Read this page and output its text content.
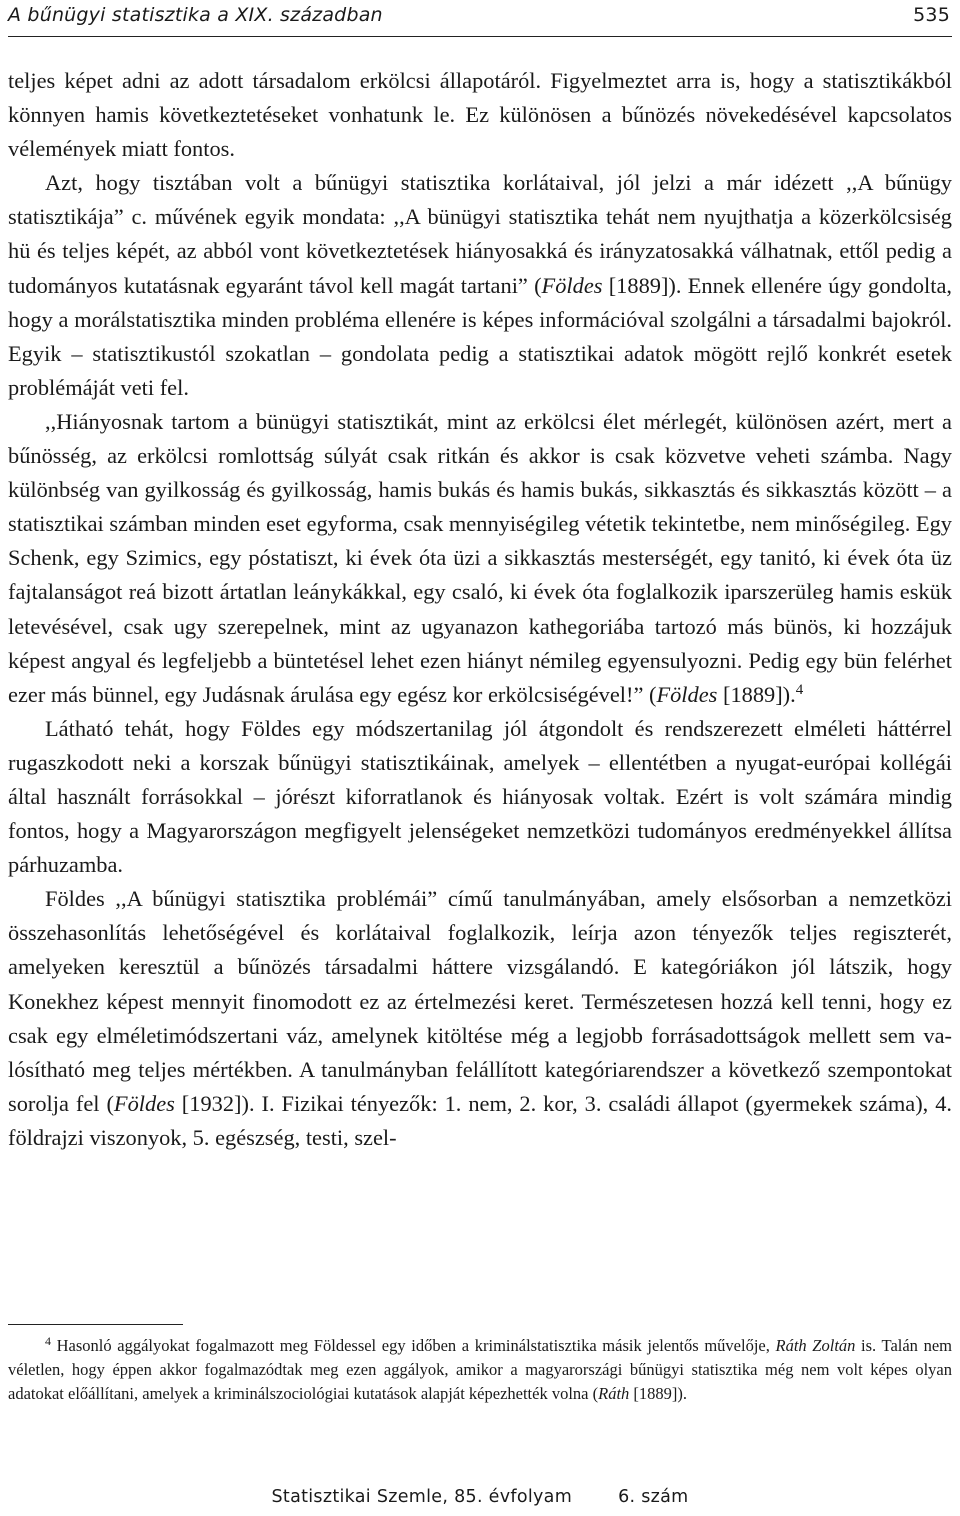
A bűnügyi statisztika a XIX. században	535

teljes képet adni az adott társadalom erkölcsi állapotáról. Figyelmeztet arra is, hogy a statisztikákból könnyen hamis következtetéseket vonhatunk le. Ez különösen a bűnözés növekedésével kapcsolatos vélemények miatt fontos.

Azt, hogy tisztában volt a bűnügyi statisztika korlátaival, jól jelzi a már idézett ,,A bűnügy statisztikája” c. művének egyik mondata: ,,A bünügyi statisztika tehát nem nyujthatja a közerkölcsiség hü és teljes képét, az abból vont következtetések hiányosakká és irányzatosakká válhatnak, ettől pedig a tudományos kutatásnak egyaránt távol kell magát tartani” (Földes [1889]). Ennek ellenére úgy gondolta, hogy a morálstatisztika minden probléma ellenére is képes információval szolgálni a társadalmi bajokról. Egyik – statisztikustól szokatlan – gondolata pedig a statisztikai adatok mögött rejlő konkrét esetek problémáját veti fel.

,,Hiányosnak tartom a bünügyi statisztikát, mint az erkölcsi élet mérlegét, különösen azért, mert a bűnösség, az erkölcsi romlottság súlyát csak ritkán és akkor is csak közvetve veheti számba. Nagy különbség van gyilkosság és gyilkosság, hamis bukás és hamis bukás, sikkasztás és sikkasztás között – a statisztikai számban minden eset egyforma, csak mennyiségileg vétetik tekintetbe, nem minőségileg. Egy Schenk, egy Szimics, egy póstatiszt, ki évek óta üzi a sikkasztás mesterségét, egy tanitó, ki évek óta üz fajtalanságot reá bizott ártatlan leánykákkal, egy csaló, ki évek óta foglalkozik iparszerüleg hamis eskük letevésével, csak ugy szerepelnek, mint az ugyanazon kathegoriába tartozó más bünös, ki hozzájuk képest angyal és legfeljebb a büntetésel lehet ezen hiányt némileg egyensulyozni. Pedig egy bün felérhet ezer más bünnel, egy Judásnak árulása egy egész kor erkölcsiségével!” (Földes [1889]).$^4$

Látható tehát, hogy Földes egy módszertanilag jól átgondolt és rendszerezett elméleti háttérrel rugaszkodott neki a korszak bűnügyi statisztikáinak, amelyek – ellentétben a nyugat-európai kollégái által használt forrásokkal – jórészt kiforratlanok és hiányosak voltak. Ezért is volt számára mindig fontos, hogy a Magyarországon megfigyelt jelenségeket nemzetközi tudományos eredményekkel állítsa párhuzamba.

Földes ,,A bűnügyi statisztika problémái” című tanulmányában, amely elsősorban a nemzetközi összehasonlítás lehetőségével és korlátaival foglalkozik, leírja azon tényezők teljes regiszterét, amelyeken keresztül a bűnözés társadalmi háttere vizsgálandó. E kategóriákon jól látszik, hogy Konekhez képest mennyit finomodott ez az értelmezési keret. Természetesen hozzá kell tenni, hogy ez csak egy elméletimódszertani váz, amelynek kitöltése még a legjobb forrásadottságok mellett sem valósítható meg teljes mértékben. A tanulmányban felállított kategóriarendszer a következő szempontokat sorolja fel (Földes [1932]). I. Fizikai tényezők: 1. nem, 2. kor, 3. családi állapot (gyermekek száma), 4. földrajzi viszonyok, 5. egészség, testi, szel-

$^4$ Hasonló aggályokat fogalmazott meg Földessel egy időben a kriminálstatisztika másik jelentős művelője, Ráth Zoltán is. Talán nem véletlen, hogy éppen akkor fogalmazódtak meg ezen aggályok, amikor a magyarországi bűnügyi statisztika még nem volt képes olyan adatokat előállítani, amelyek a kriminálszociológiai kutatások alapját képezhették volna (Ráth [1889]).
Statisztikai Szemle, 85. évfolyam	6. szám
